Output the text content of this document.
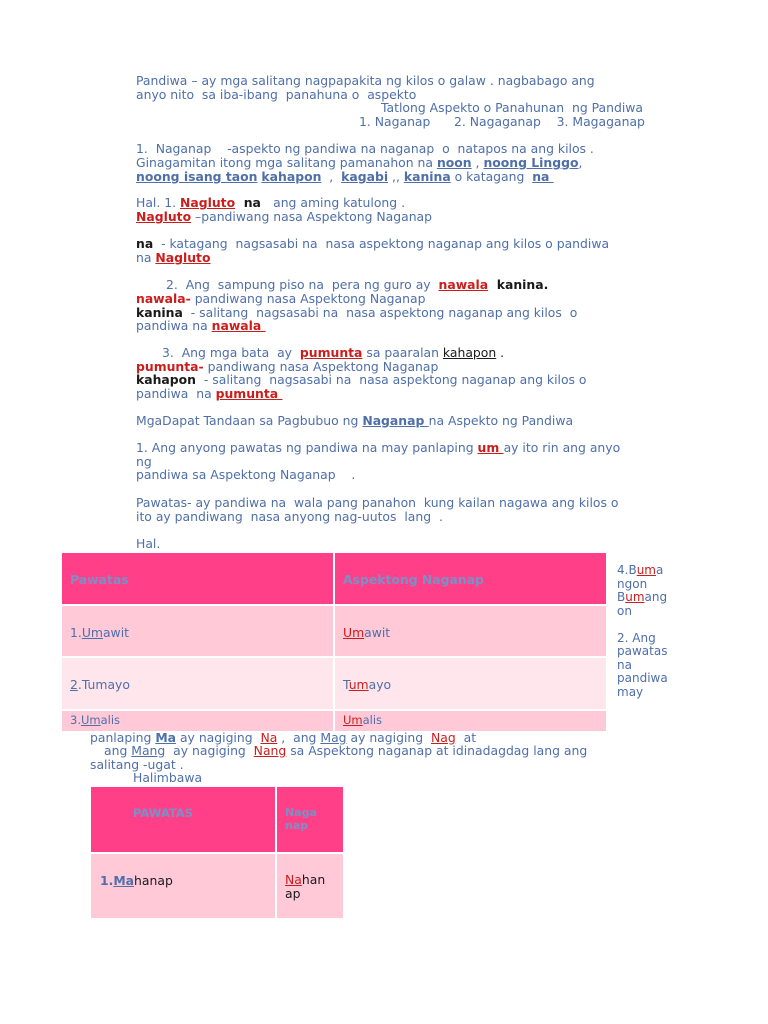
Pandiwa – ay mga salitang nagpapakita ng kilos o galaw . nagbabago ang
anyo nito  sa iba-ibang  panahuna o  aspekto
Tatlong Aspekto o Panahunan  ng Pandiwa
1. Naganap      2. Nagaganap    3. Magaganap
1.  Naganap    -aspekto ng pandiwa na naganap  o  natapos na ang kilos .
Ginagamitan itong mga salitang pamanahon na noon , noong Linggo,
noong isang taon kahapon  ,  kagabi ,, kanina o katagang  na
Hal. 1. Nagluto  na   ang aming katulong .
Nagluto –pandiwang nasa Aspektong Naganap
na  - katagang  nagsasabi na  nasa aspektong naganap ang kilos o pandiwa
na Nagluto
2.  Ang  sampung piso na  pera ng guro ay  nawala  kanina.
nawala- pandiwang nasa Aspektong Naganap
kanina  - salitang  nagsasabi na  nasa aspektong naganap ang kilos  o
pandiwa na nawala
3.  Ang mga bata  ay  pumunta sa paaralan kahapon .
pumunta- pandiwang nasa Aspektong Naganap
kahapon  - salitang  nagsasabi na  nasa aspektong naganap ang kilos o
pandiwa  na pumunta
MgaDapat Tandaan sa Pagbubuo ng Naganap na Aspekto ng Pandiwa
1. Ang anyong pawatas ng pandiwa na may panlaping um ay ito rin ang anyo
ng
pandiwa sa Aspektong Naganap    .
Pawatas- ay pandiwa na  wala pang panahon  kung kailan nagawa ang kilos o
ito ay pandiwang  nasa anyong nag-uutos  lang  .
Hal.
Pawatas	Aspektong Naganap
1.Umawit	Umawit
2.Tumayo	Tumayo
3.Umalis	Umalis
4.Buma
ngon
Bumang
on
2. Ang
pawatas
na
pandiwa
may
panlaping Ma ay nagiging  Na ,  ang Mag ay nagiging  Nag  at
ang Mang  ay nagiging  Nang sa Aspektong naganap at idinadagdag lang ang
salitang -ugat .
Halimbawa
PAWATAS	Naga
nap
1.Mahanap	Nahan
ap
